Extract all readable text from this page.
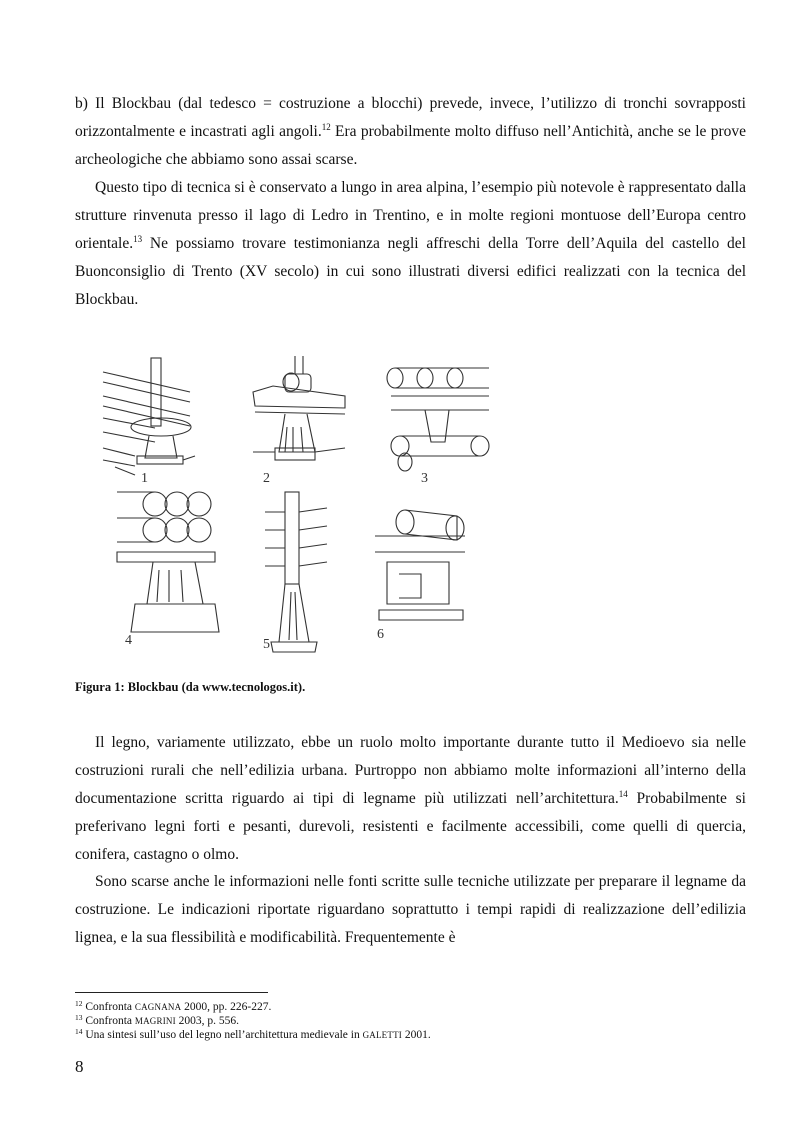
b) Il Blockbau (dal tedesco = costruzione a blocchi) prevede, invece, l’utilizzo di tronchi sovrapposti orizzontalmente e incastrati agli angoli.$^{12}$ Era probabilmente molto diffuso nell’Antichità, anche se le prove archeologiche che abbiamo sono assai scarse.

Questo tipo di tecnica si è conservato a lungo in area alpina, l’esempio più notevole è rappresentato dalla strutture rinvenuta presso il lago di Ledro in Trentino, e in molte regioni montuose dell’Europa centro orientale.$^{13}$ Ne possiamo trovare testimonianza negli affreschi della Torre dell’Aquila del castello del Buonconsiglio di Trento (XV secolo) in cui sono illustrati diversi edifici realizzati con la tecnica del Blockbau.

1	2	3
4	5
6
Figura 1: Blockbau (da www.tecnologos.it).

Il legno, variamente utilizzato, ebbe un ruolo molto importante durante tutto il Medioevo sia nelle costruzioni rurali che nell’edilizia urbana. Purtroppo non abbiamo molte informazioni all’interno della documentazione scritta riguardo ai tipi di legname più utilizzati nell’architettura.$^{14}$ Probabilmente si preferivano legni forti e pesanti, durevoli, resistenti e facilmente accessibili, come quelli di quercia, conifera, castagno o olmo.

Sono scarse anche le informazioni nelle fonti scritte sulle tecniche utilizzate per preparare il legname da costruzione. Le indicazioni riportate riguardano soprattutto i tempi rapidi di realizzazione dell’edilizia lignea, e la sua flessibilità e modificabilità. Frequentemente è

$^{12}$ Confronta CAGNANA 2000, pp. 226-227.
$^{13}$ Confronta MAGRINI 2003, p. 556.
$^{14}$ Una sintesi sull’uso del legno nell’architettura medievale in GALETTI 2001.
8
